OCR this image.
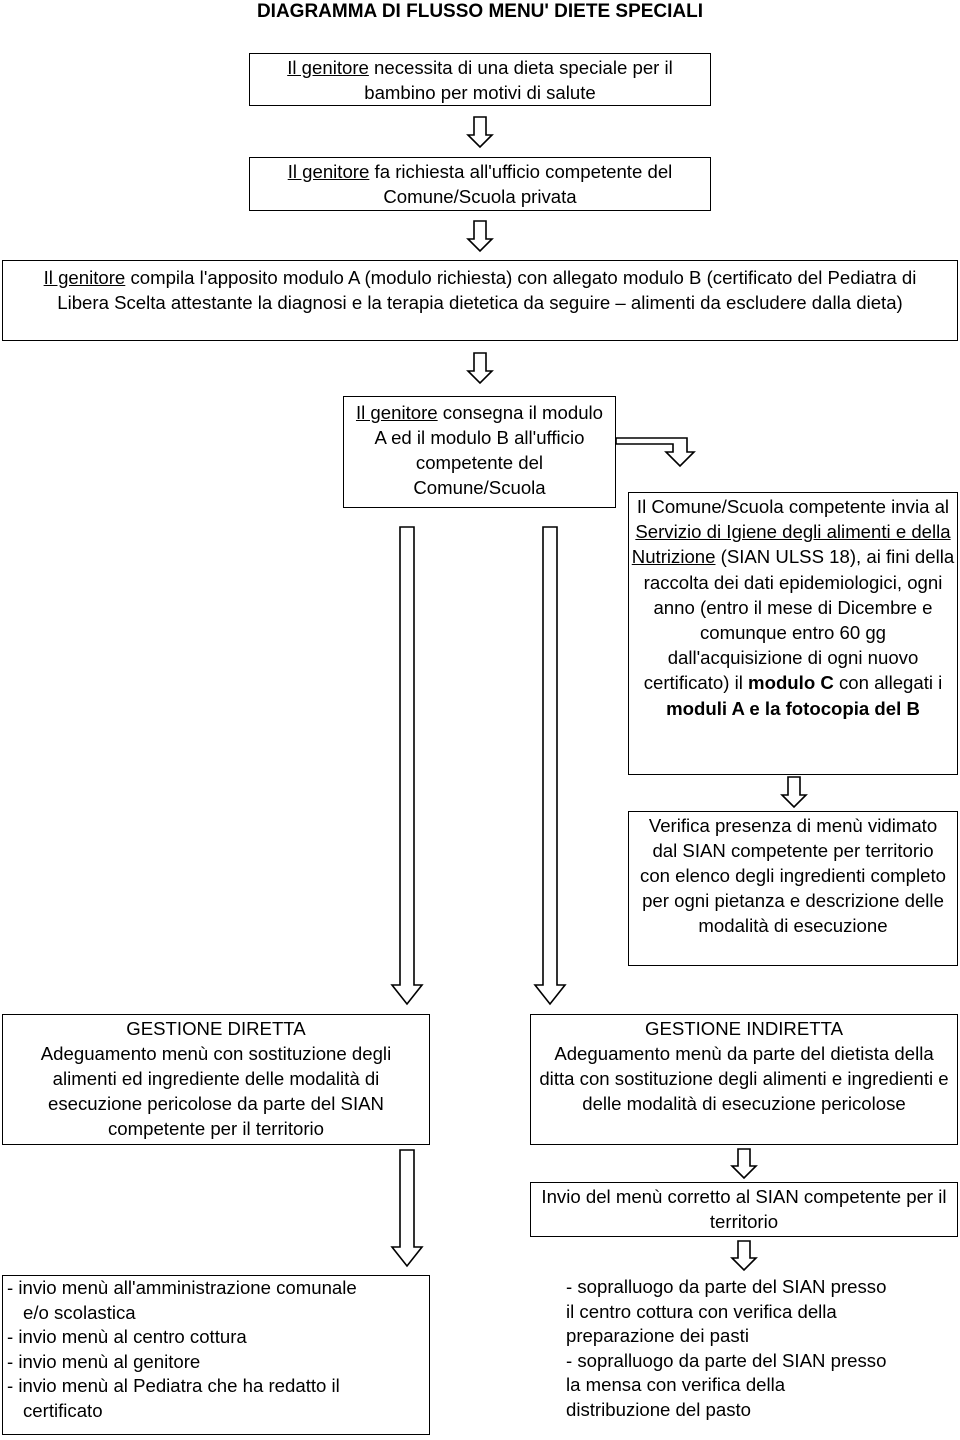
DIAGRAMMA DI FLUSSO MENU' DIETE SPECIALI
Il genitore necessita di una dieta speciale per il bambino per motivi di salute
Il genitore fa richiesta all'ufficio competente del Comune/Scuola privata
Il genitore compila l'apposito modulo A (modulo richiesta) con allegato modulo B (certificato del Pediatra di Libera Scelta attestante la diagnosi e la terapia dietetica da seguire – alimenti da escludere dalla dieta)
Il genitore consegna il modulo A ed il modulo B all'ufficio competente del Comune/Scuola
Il Comune/Scuola competente invia al Servizio di Igiene degli alimenti e della Nutrizione (SIAN ULSS 18), ai fini della raccolta dei dati epidemiologici, ogni anno (entro il mese di Dicembre e comunque entro 60 gg dall'acquisizione di ogni nuovo certificato) il modulo C con allegati i moduli A e la fotocopia del B
Verifica presenza di menù vidimato dal SIAN competente per territorio con elenco degli ingredienti completo per ogni pietanza e descrizione delle modalità di esecuzione
GESTIONE DIRETTA
Adeguamento menù con sostituzione degli alimenti ed ingrediente delle modalità di esecuzione pericolose da parte del SIAN competente per il territorio
GESTIONE INDIRETTA
Adeguamento menù da parte del dietista della ditta con sostituzione degli alimenti e ingredienti e delle modalità di esecuzione pericolose
Invio del menù corretto al SIAN competente per il territorio
- invio menù all'amministrazione comunale
e/o scolastica
- invio menù al centro cottura
- invio menù al genitore
- invio menù al Pediatra che ha redatto il
certificato
- sopralluogo da parte del SIAN presso
il centro cottura con verifica della
preparazione dei pasti
- sopralluogo da parte del SIAN presso
la mensa con verifica della
distribuzione del pasto
